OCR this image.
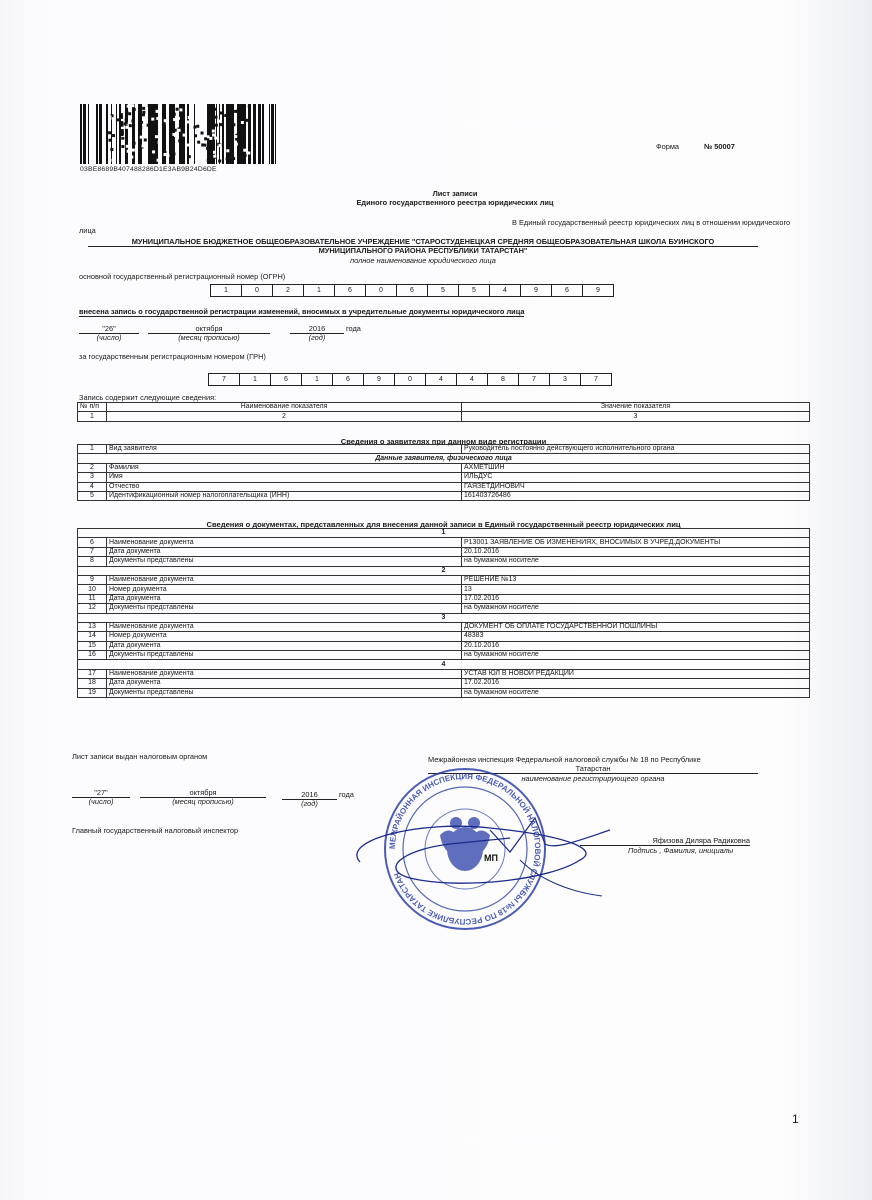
03BE8689B407488286D1E3AB9B24D6DE
Форма	№ 50007
Лист записи
Единого государственного реестра юридических лиц
В Единый государственный реестр юридических лиц в отношении юридического
лица
МУНИЦИПАЛЬНОЕ БЮДЖЕТНОЕ ОБЩЕОБРАЗОВАТЕЛЬНОЕ УЧРЕЖДЕНИЕ "СТАРОСТУДЕНЕЦКАЯ СРЕДНЯЯ ОБЩЕОБРАЗОВАТЕЛЬНАЯ ШКОЛА БУИНСКОГО
МУНИЦИПАЛЬНОГО РАЙОНА РЕСПУБЛИКИ ТАТАРСТАН"
полное наименование юридического лица
основной государственный регистрационный номер (ОГРН)
1	0	2	1	6	0	6	5	5	4	9	6	9
внесена запись о государственной регистрации изменений, вносимых в учредительные документы юридического лица
"26"	октября	2016	года
(число)	(месяц прописью)	(год)
за государственным регистрационным номером (ГРН)
7	1	6	1	6	9	0	4	4	8	7	3	7
Запись содержит следующие сведения:
№ п/п	Наименование показателя	Значение показателя
1	2	3
Сведения о заявителях при данном виде регистрации
1	Вид заявителя	Руководитель постоянно действующего исполнительного органа
Данные заявителя, физического лица		
2	Фамилия	АХМЕТШИН
3	Имя	ИЛЬДУС
4	Отчество	ГАЯЗЕТДИНОВИЧ
5	Идентификационный номер налогоплательщика (ИНН)	161403726486
Сведения о документах, представленных для внесения данной записи в Единый государственный реестр юридических лиц
1		
6	Наименование документа	Р13001 ЗАЯВЛЕНИЕ ОБ ИЗМЕНЕНИЯХ, ВНОСИМЫХ В УЧРЕД.ДОКУМЕНТЫ
7	Дата документа	20.10.2016
8	Документы представлены	на бумажном носителе
2		
9	Наименование документа	РЕШЕНИЕ №13
10	Номер документа	13
11	Дата документа	17.02.2016
12	Документы представлены	на бумажном носителе
3		
13	Наименование документа	ДОКУМЕНТ ОБ ОПЛАТЕ ГОСУДАРСТВЕННОЙ ПОШЛИНЫ
14	Номер документа	48383
15	Дата документа	20.10.2016
16	Документы представлены	на бумажном носителе
4		
17	Наименование документа	УСТАВ ЮЛ В НОВОЙ РЕДАКЦИИ
18	Дата документа	17.02.2016
19	Документы представлены	на бумажном носителе
Лист записи выдан налоговым органом	Межрайонная инспекция Федеральной налоговой службы № 18 по Республике
Татарстан
наименование регистрирующего органа
"27"	октября	2016	года
(число)	(месяц прописью)	(год)
Главный государственный налоговый инспектор
Яфизова Диляра Радиковна
Подпись , Фамилия, инициалы
МЕЖРАЙОННАЯ ИНСПЕКЦИЯ ФЕДЕРАЛЬНОЙ НАЛОГОВОЙ СЛУЖБЫ №18 ПО РЕСПУБЛИКЕ ТАТАРСТАН
МП
1
